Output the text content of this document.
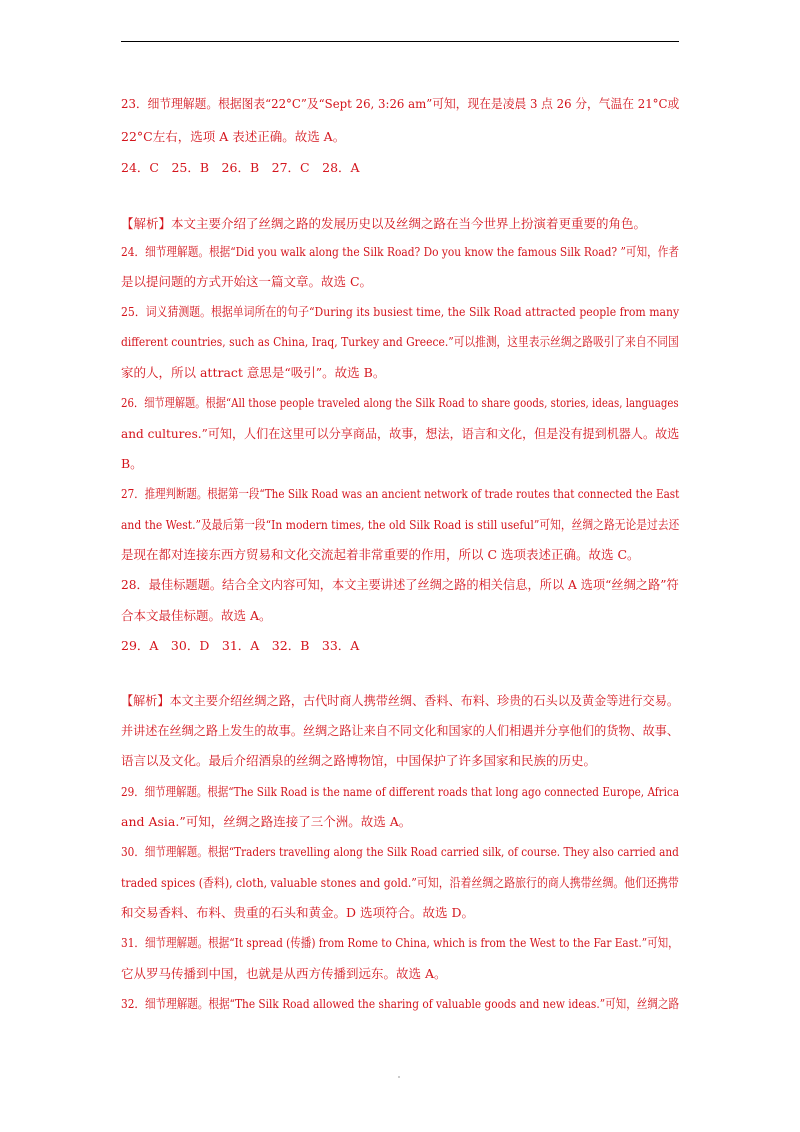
23．细节理解题。根据图表“22°C”及“Sept 26, 3:26 am”可知，现在是凌晨 3 点 26 分，气温在 21°C或
22°C左右，选项 A 表述正确。故选 A。
24．C　25．B　26．B　27．C　28．A
【解析】本文主要介绍了丝绸之路的发展历史以及丝绸之路在当今世界上扮演着更重要的角色。
24．细节理解题。根据“Did you walk along the Silk Road? Do you know the famous Silk Road? ”可知，作者
是以提问题的方式开始这一篇文章。故选 C。
25．词义猜测题。根据单词所在的句子“During its busiest time, the Silk Road attracted people from many
different countries, such as China, Iraq, Turkey and Greece.”可以推测，这里表示丝绸之路吸引了来自不同国
家的人，所以 attract 意思是“吸引”。故选 B。
26．细节理解题。根据“All those people traveled along the Silk Road to share goods, stories, ideas, languages
and cultures.”可知，人们在这里可以分享商品，故事，想法，语言和文化，但是没有提到机器人。故选
B。
27．推理判断题。根据第一段“The Silk Road was an ancient network of trade routes that connected the East
and the West.”及最后第一段“In modern times, the old Silk Road is still useful”可知，丝绸之路无论是过去还
是现在都对连接东西方贸易和文化交流起着非常重要的作用，所以 C 选项表述正确。故选 C。
28．最佳标题题。结合全文内容可知，本文主要讲述了丝绸之路的相关信息，所以 A 选项“丝绸之路”符
合本文最佳标题。故选 A。
29．A　30．D　31．A　32．B　33．A
【解析】本文主要介绍丝绸之路，古代时商人携带丝绸、香料、布料、珍贵的石头以及黄金等进行交易。
并讲述在丝绸之路上发生的故事。丝绸之路让来自不同文化和国家的人们相遇并分享他们的货物、故事、
语言以及文化。最后介绍酒泉的丝绸之路博物馆，中国保护了许多国家和民族的历史。
29．细节理解题。根据“The Silk Road is the name of different roads that long ago connected Europe, Africa
and Asia.”可知，丝绸之路连接了三个洲。故选 A。
30．细节理解题。根据“Traders travelling along the Silk Road carried silk, of course. They also carried and
traded spices (香料), cloth, valuable stones and gold.”可知，沿着丝绸之路旅行的商人携带丝绸。他们还携带
和交易香料、布料、贵重的石头和黄金。D 选项符合。故选 D。
31．细节理解题。根据“It spread (传播) from Rome to China, which is from the West to the Far East.”可知，
它从罗马传播到中国，也就是从西方传播到远东。故选 A。
32．细节理解题。根据“The Silk Road allowed the sharing of valuable goods and new ideas.”可知，丝绸之路
